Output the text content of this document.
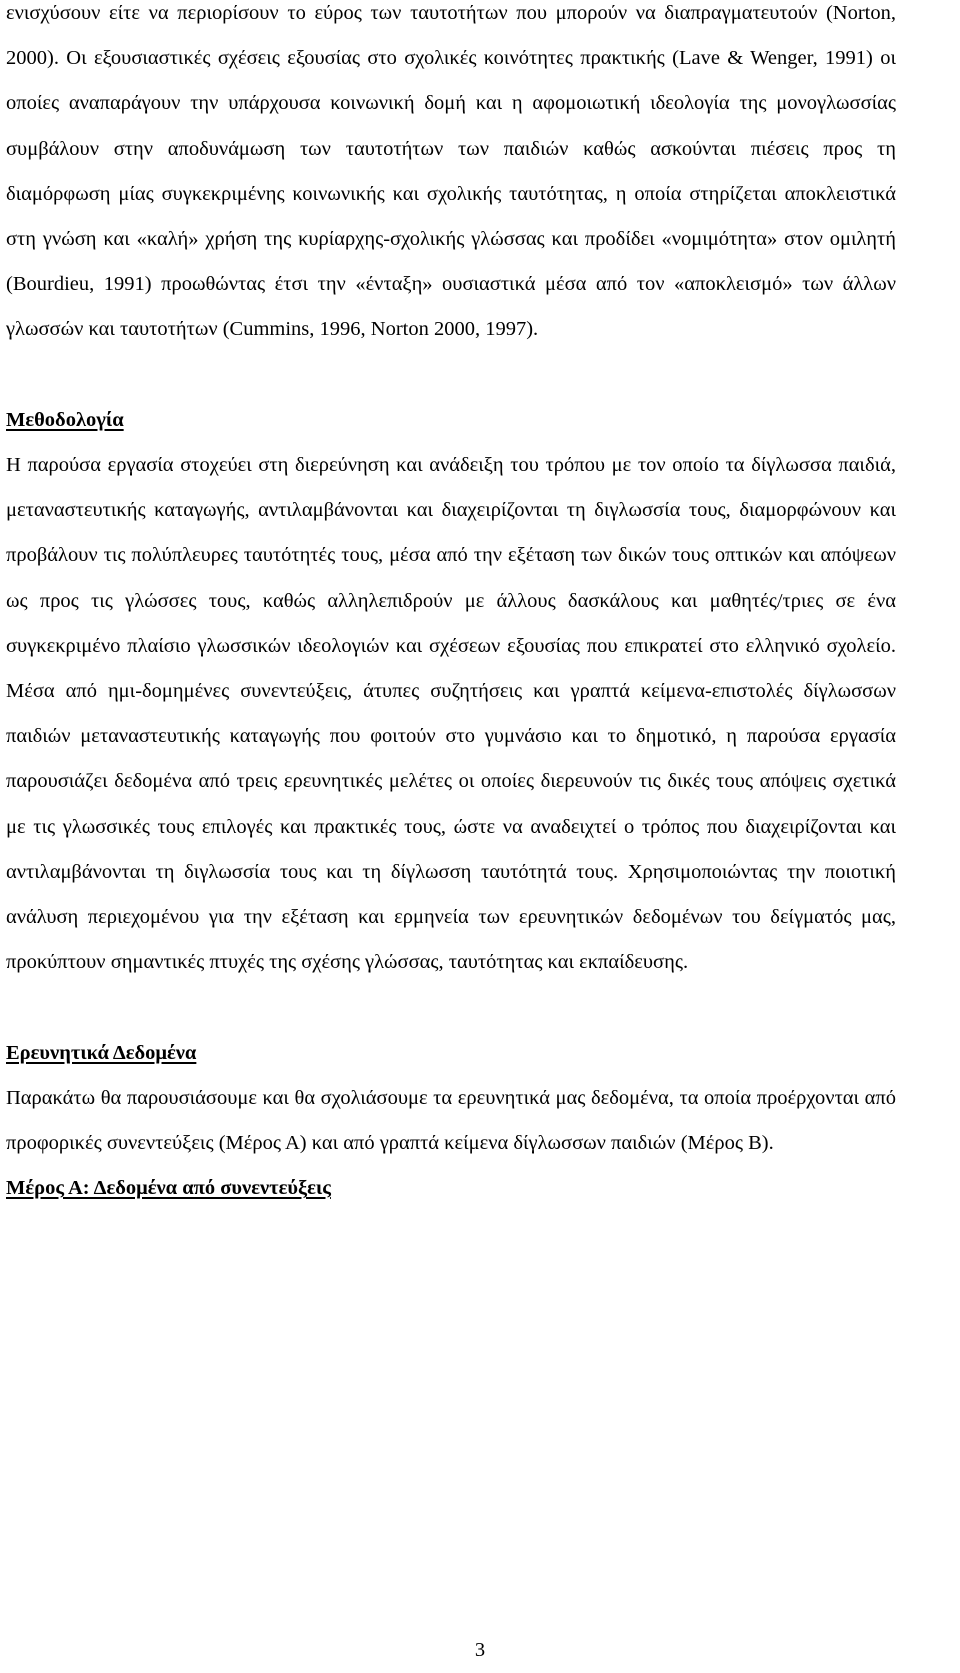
ενισχύσουν είτε να περιορίσουν το εύρος των ταυτοτήτων που μπορούν να διαπραγματευτούν (Norton, 2000). Οι εξουσιαστικές σχέσεις εξουσίας στο σχολικές κοινότητες πρακτικής (Lave & Wenger, 1991) οι οποίες αναπαράγουν την υπάρχουσα κοινωνική δομή και η αφομοιωτική ιδεολογία της μονογλωσσίας συμβάλουν στην αποδυνάμωση των ταυτοτήτων των παιδιών καθώς ασκούνται πιέσεις προς τη διαμόρφωση μίας συγκεκριμένης κοινωνικής και σχολικής ταυτότητας, η οποία στηρίζεται αποκλειστικά στη γνώση και «καλή» χρήση της κυρίαρχης-σχολικής γλώσσας και προδίδει «νομιμότητα» στον ομιλητή (Bourdieu, 1991) προωθώντας έτσι την «ένταξη» ουσιαστικά μέσα από τον «αποκλεισμό» των άλλων γλωσσών και ταυτοτήτων (Cummins, 1996, Norton 2000, 1997).

Μεθοδολογία

Η παρούσα εργασία στοχεύει στη διερεύνηση και ανάδειξη του τρόπου με τον οποίο τα δίγλωσσα παιδιά, μεταναστευτικής καταγωγής, αντιλαμβάνονται και διαχειρίζονται τη διγλωσσία τους, διαμορφώνουν και προβάλουν τις πολύπλευρες ταυτότητές τους, μέσα από την εξέταση των δικών τους οπτικών και απόψεων ως προς τις γλώσσες τους, καθώς αλληλεπιδρούν με άλλους δασκάλους και μαθητές/τριες σε ένα συγκεκριμένο πλαίσιο γλωσσικών ιδεολογιών και σχέσεων εξουσίας που επικρατεί στο ελληνικό σχολείο. Μέσα από ημι-δομημένες συνεντεύξεις, άτυπες συζητήσεις και γραπτά κείμενα-επιστολές δίγλωσσων παιδιών μεταναστευτικής καταγωγής που φοιτούν στο γυμνάσιο και το δημοτικό, η παρούσα εργασία παρουσιάζει δεδομένα από τρεις ερευνητικές μελέτες οι οποίες διερευνούν τις δικές τους απόψεις σχετικά με τις γλωσσικές τους επιλογές και πρακτικές τους, ώστε να αναδειχτεί ο τρόπος που διαχειρίζονται και αντιλαμβάνονται τη διγλωσσία τους και τη δίγλωσση ταυτότητά τους. Χρησιμοποιώντας την ποιοτική ανάλυση περιεχομένου για την εξέταση και ερμηνεία των ερευνητικών δεδομένων του δείγματός μας, προκύπτουν σημαντικές πτυχές της σχέσης γλώσσας, ταυτότητας και εκπαίδευσης.

Ερευνητικά Δεδομένα

Παρακάτω θα παρουσιάσουμε και θα σχολιάσουμε τα ερευνητικά μας δεδομένα, τα οποία προέρχονται από προφορικές συνεντεύξεις (Μέρος Α) και από γραπτά κείμενα δίγλωσσων παιδιών (Μέρος Β).

Μέρος Α: Δεδομένα από συνεντεύξεις
3
